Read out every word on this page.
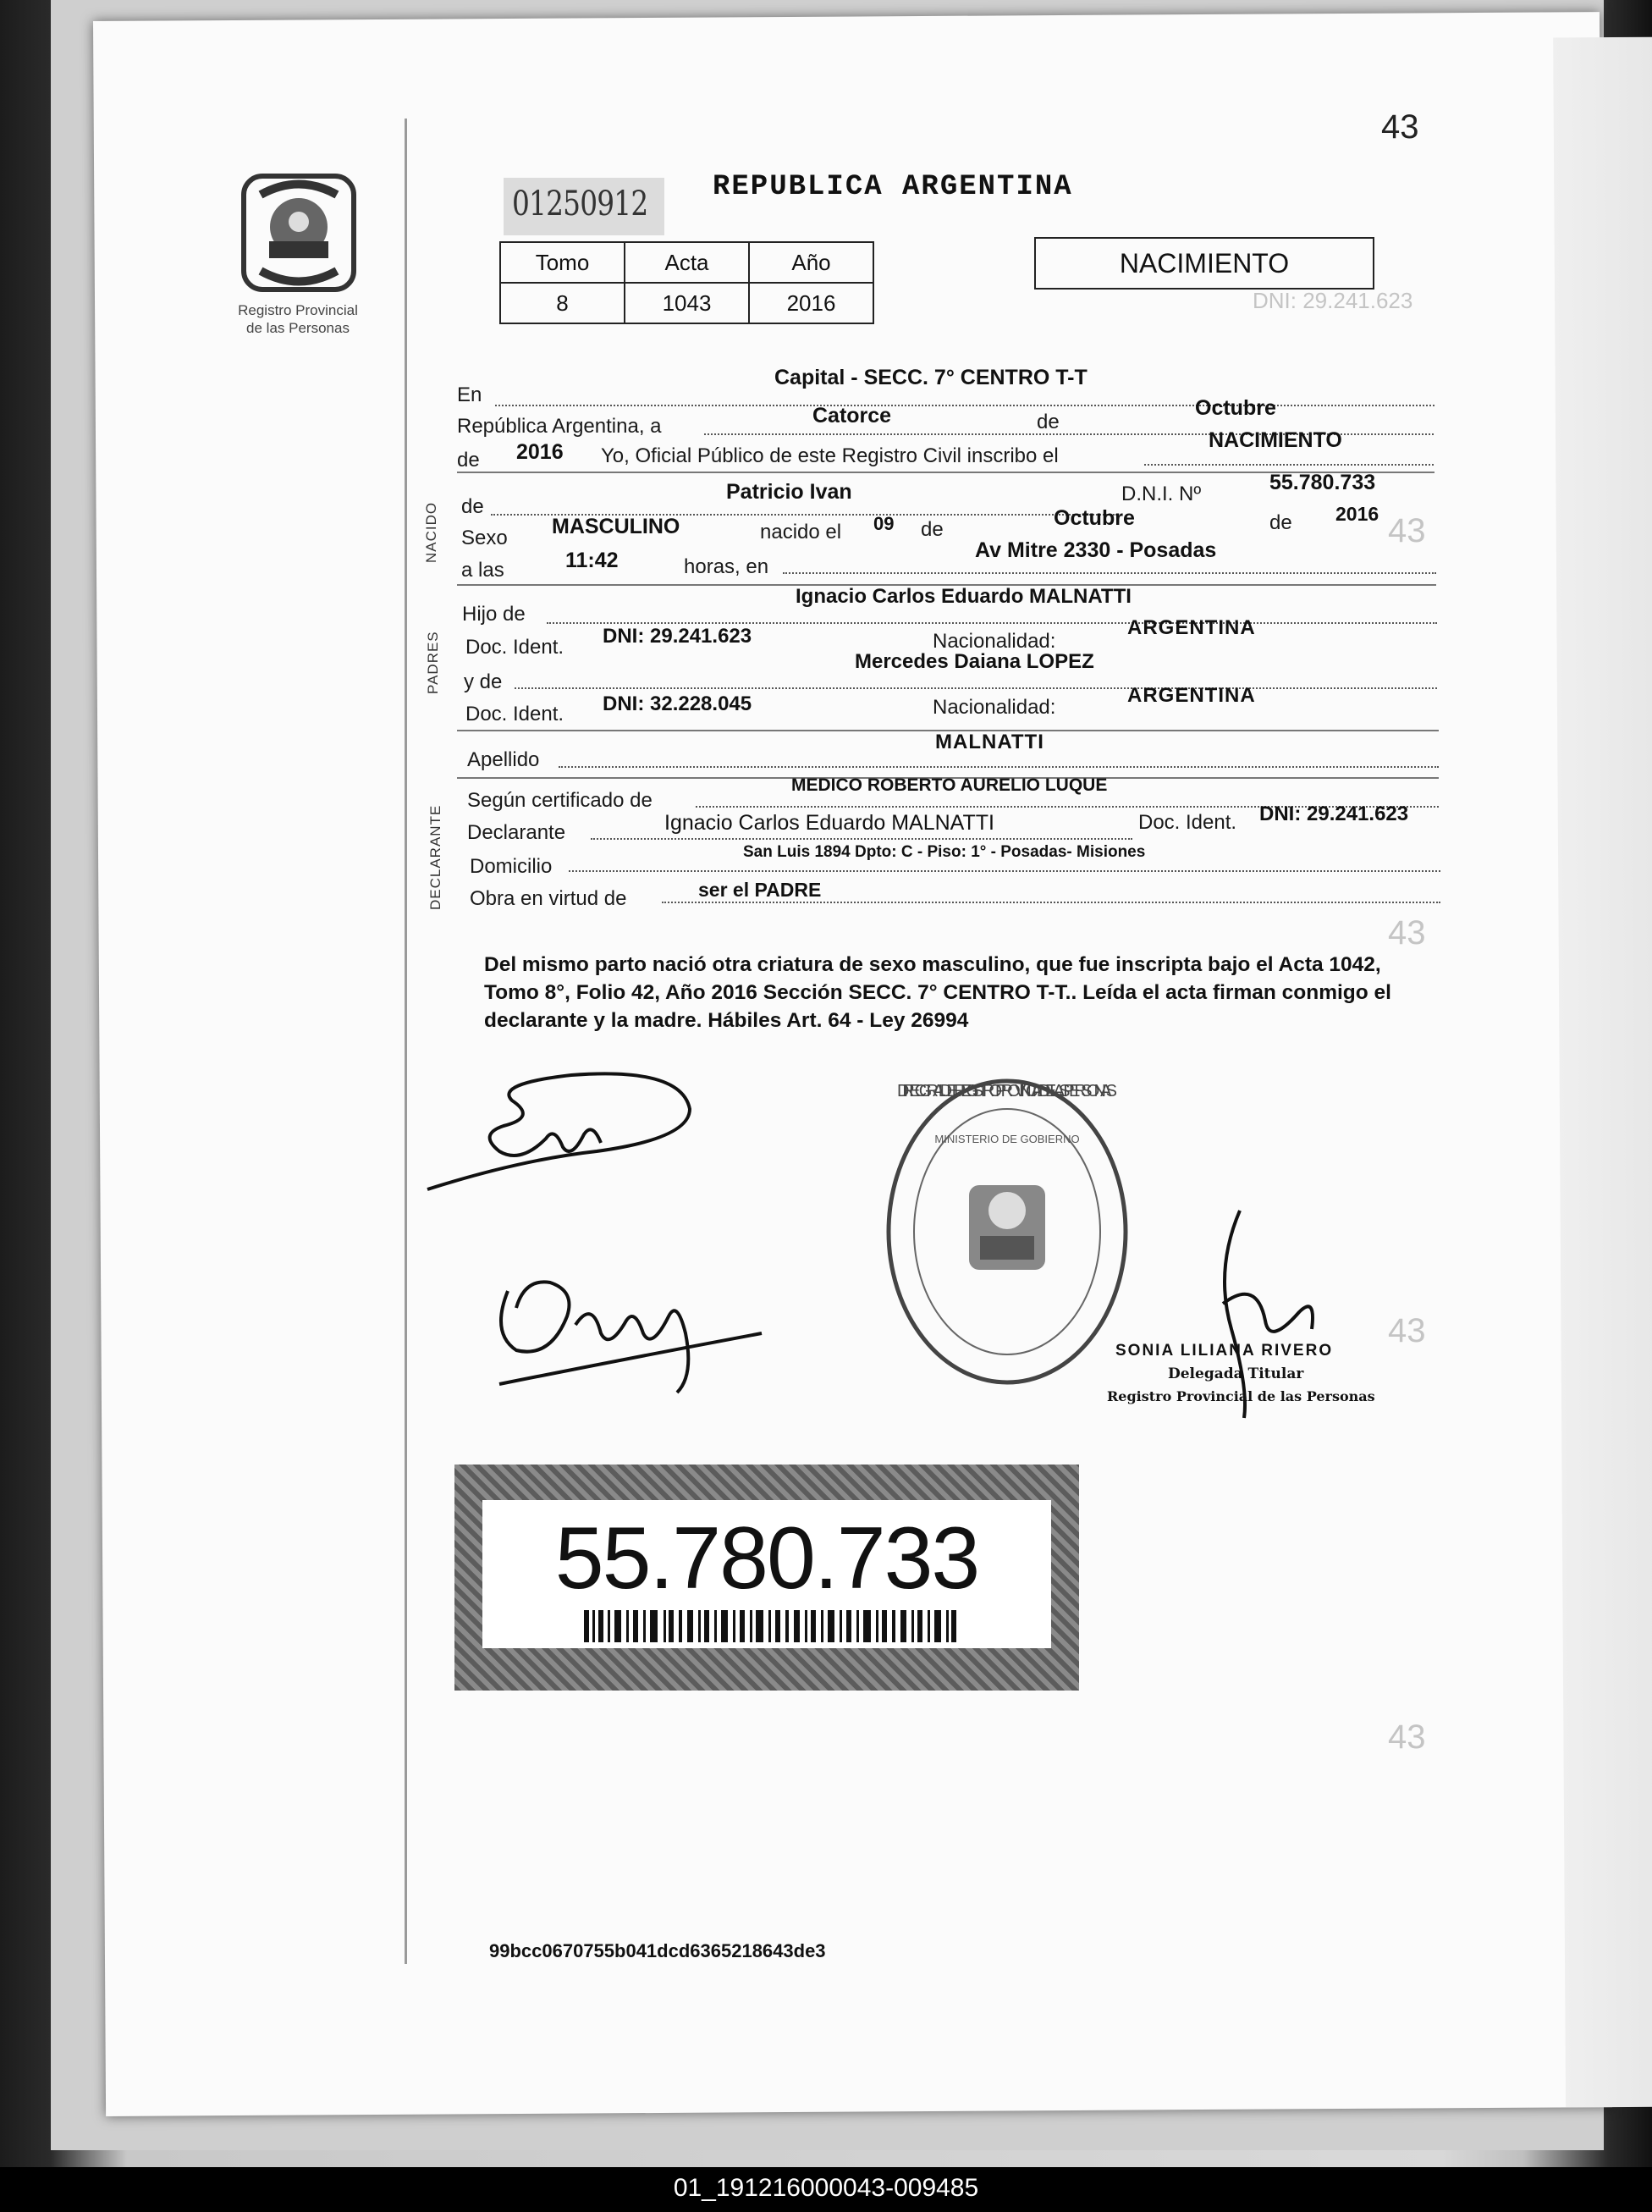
DNI: 29.241.623
43
43
43
43
43
Registro Provincial
de las Personas
01250912 REPUBLICA ARGENTINA
Tomo	Acta	Año
8	1043	2016
NACIMIENTO
En
Capital - SECC. 7° CENTRO T-T
República Argentina, a	Catorce	de
Octubre
de 2016 Yo, Oficial Público de este Registro Civil inscribo el
NACIMIENTO
NACIDO de
Patricio Ivan	D.N.I. Nº	55.780.733
Sexo MASCULINO	nacido el 09 de	Octubre	de 2016
a las	11:42	horas, en
Av Mitre 2330 - Posadas
PADRES
Hijo de
Ignacio Carlos Eduardo MALNATTI
Doc. Ident. DNI: 29.241.623	Nacionalidad:
ARGENTINA
y de
Mercedes Daiana LOPEZ
Doc. Ident. DNI: 32.228.045	Nacionalidad:
ARGENTINA
Apellido
MALNATTI
DECLARANTE
Según certificado de
MEDICO ROBERTO AURELIO LUQUE
Declarante	Ignacio Carlos Eduardo MALNATTI	Doc. Ident. DNI: 29.241.623
Domicilio
San Luis 1894 Dpto: C - Piso: 1° - Posadas- Misiones
Obra en virtud de	ser el PADRE
Del mismo parto nació otra criatura de sexo masculino, que fue inscripta bajo el Acta 1042, Tomo 8°, Folio 42, Año 2016 Sección SECC. 7° CENTRO T-T.. Leída el acta firman conmigo el declarante y la madre. Hábiles Art. 64 - Ley 26994
DIREC. GRAL. DEL REGISTRO PROVINCIAL DE LAS PERSONAS
MINISTERIO DE GOBIERNO
SONIA LILIANA RIVERO
Delegada Titular
Registro Provincial de las Personas
55.780.733
99bcc0670755b041dcd6365218643de3
01_191216000043-009485
